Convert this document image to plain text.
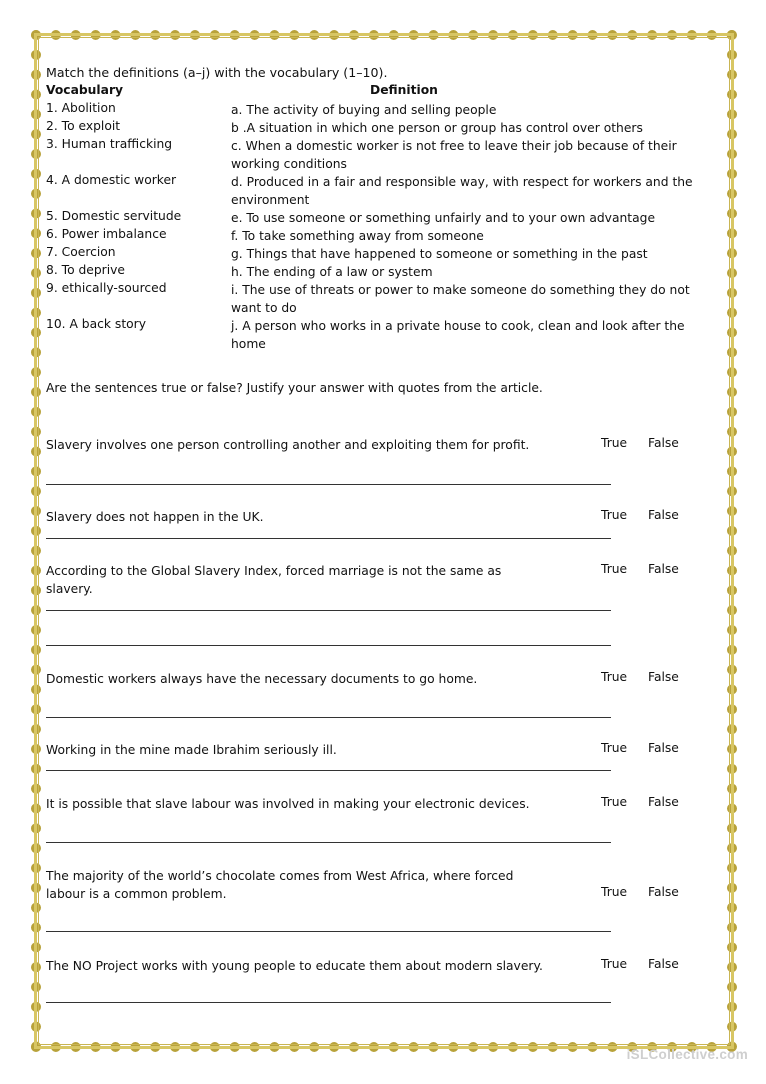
Match the definitions (a–j) with the vocabulary (1–10).
Vocabulary	Definition
1. Abolition
2. To exploit
3. Human trafficking
4. A domestic worker
5. Domestic servitude
6. Power imbalance
7. Coercion
8. To deprive
9. ethically-sourced
10. A back story
a. The activity of buying and selling people
b .A situation in which one person or group has control over others
c. When a domestic worker is not free to leave their job because of their working conditions
d. Produced in a fair and responsible way, with respect for workers and the environment
e. To use someone or something unfairly and to your own advantage
f. To take something away from someone
g. Things that have happened to someone or something in the past
h. The ending of a law or system
i. The use of threats or power to make someone do something they do not want to do
j. A person who works in a private house to cook, clean and look after the home
Are the sentences true or false? Justify your answer with quotes from the article.
Slavery involves one person controlling another and exploiting them for profit.	True False
Slavery does not happen in the UK.	True False
According to the Global Slavery Index, forced marriage is not the same as slavery.
True False
Domestic workers always have the necessary documents to go home.	True False
Working in the mine made Ibrahim seriously ill.	True False
It is possible that slave labour was involved in making your electronic devices.	True False
The majority of the world’s chocolate comes from West Africa, where forced labour is a common problem.	True False
The NO Project works with young people to educate them about modern slavery.	True False
iSLCollective.com
